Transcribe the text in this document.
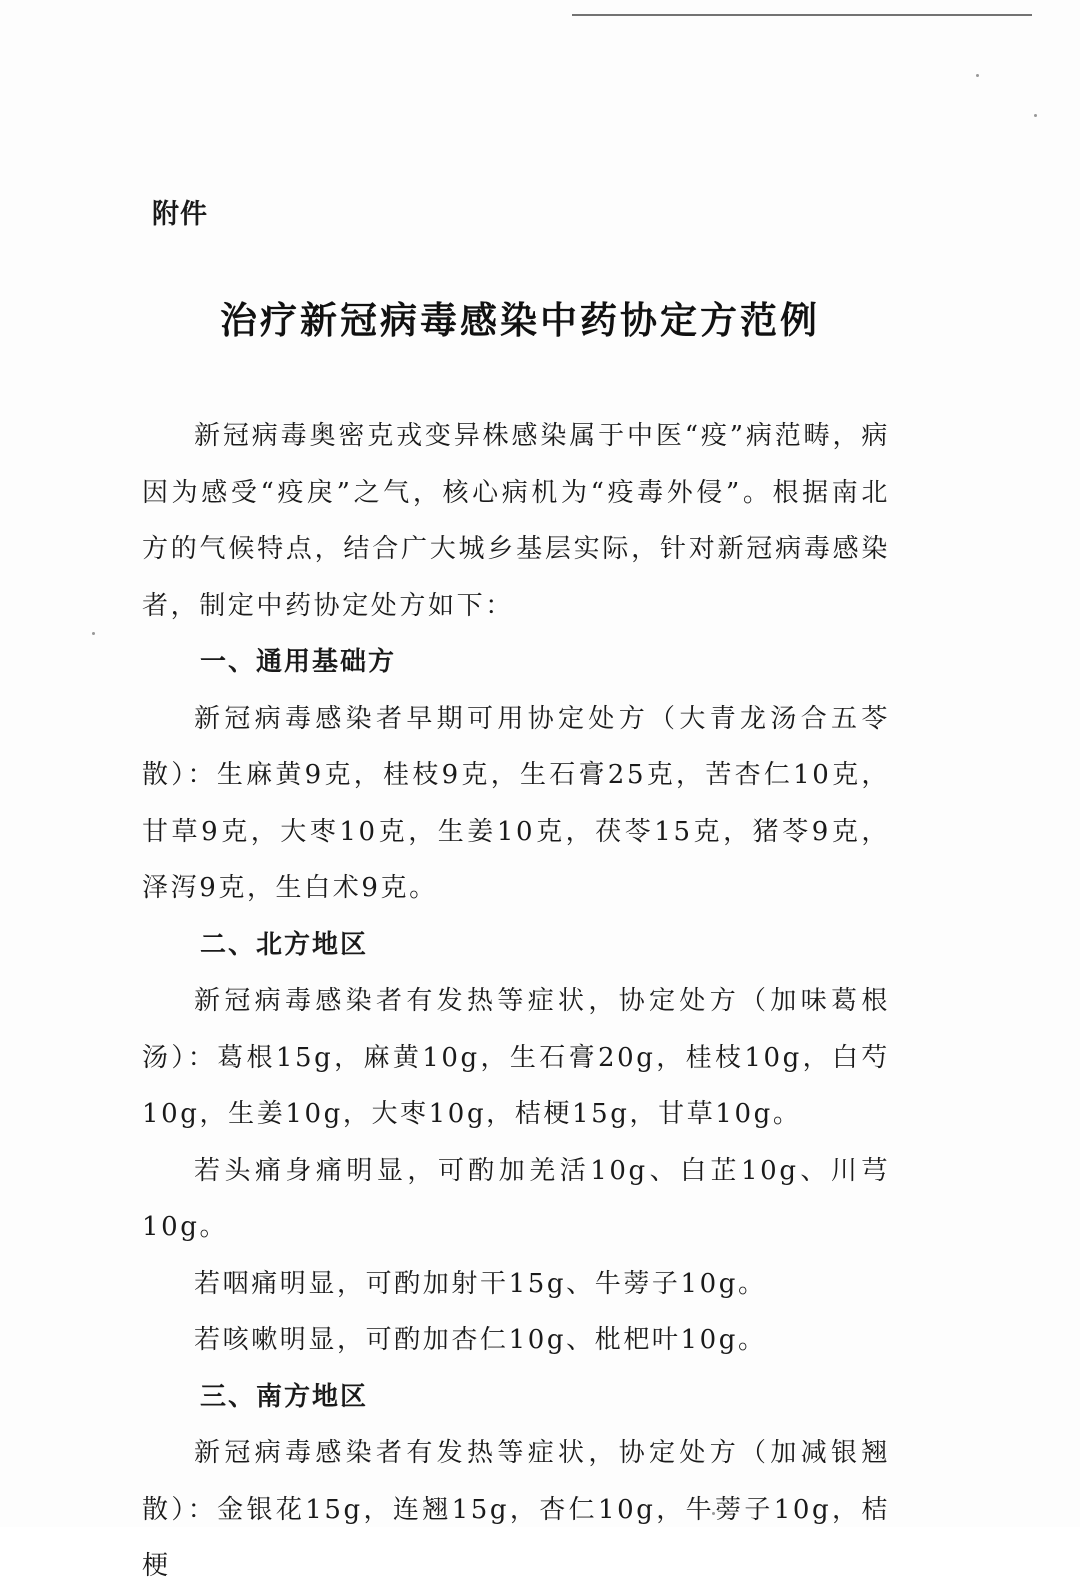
附件
治疗新冠病毒感染中药协定方范例

新冠病毒奥密克戎变异株感染属于中医“疫”病范畴，病因为感受“疫戾”之气，核心病机为“疫毒外侵”。根据南北方的气候特点，结合广大城乡基层实际，针对新冠病毒感染者，制定中药协定处方如下：

一、通用基础方

新冠病毒感染者早期可用协定处方（大青龙汤合五苓散）：生麻黄9克，桂枝9克，生石膏25克，苦杏仁10克，甘草9克，大枣10克，生姜10克，茯苓15克，猪苓9克，泽泻9克，生白术9克。

二、北方地区

新冠病毒感染者有发热等症状，协定处方（加味葛根汤）：葛根15g，麻黄10g，生石膏20g，桂枝10g，白芍10g，生姜10g，大枣10g，桔梗15g，甘草10g。

若头痛身痛明显，可酌加羌活10g、白芷10g、川芎10g。

若咽痛明显，可酌加射干15g、牛蒡子10g。

若咳嗽明显，可酌加杏仁10g、枇杷叶10g。

三、南方地区

新冠病毒感染者有发热等症状，协定处方（加减银翘散）：金银花15g，连翘15g，杏仁10g，牛蒡子10g，桔梗
